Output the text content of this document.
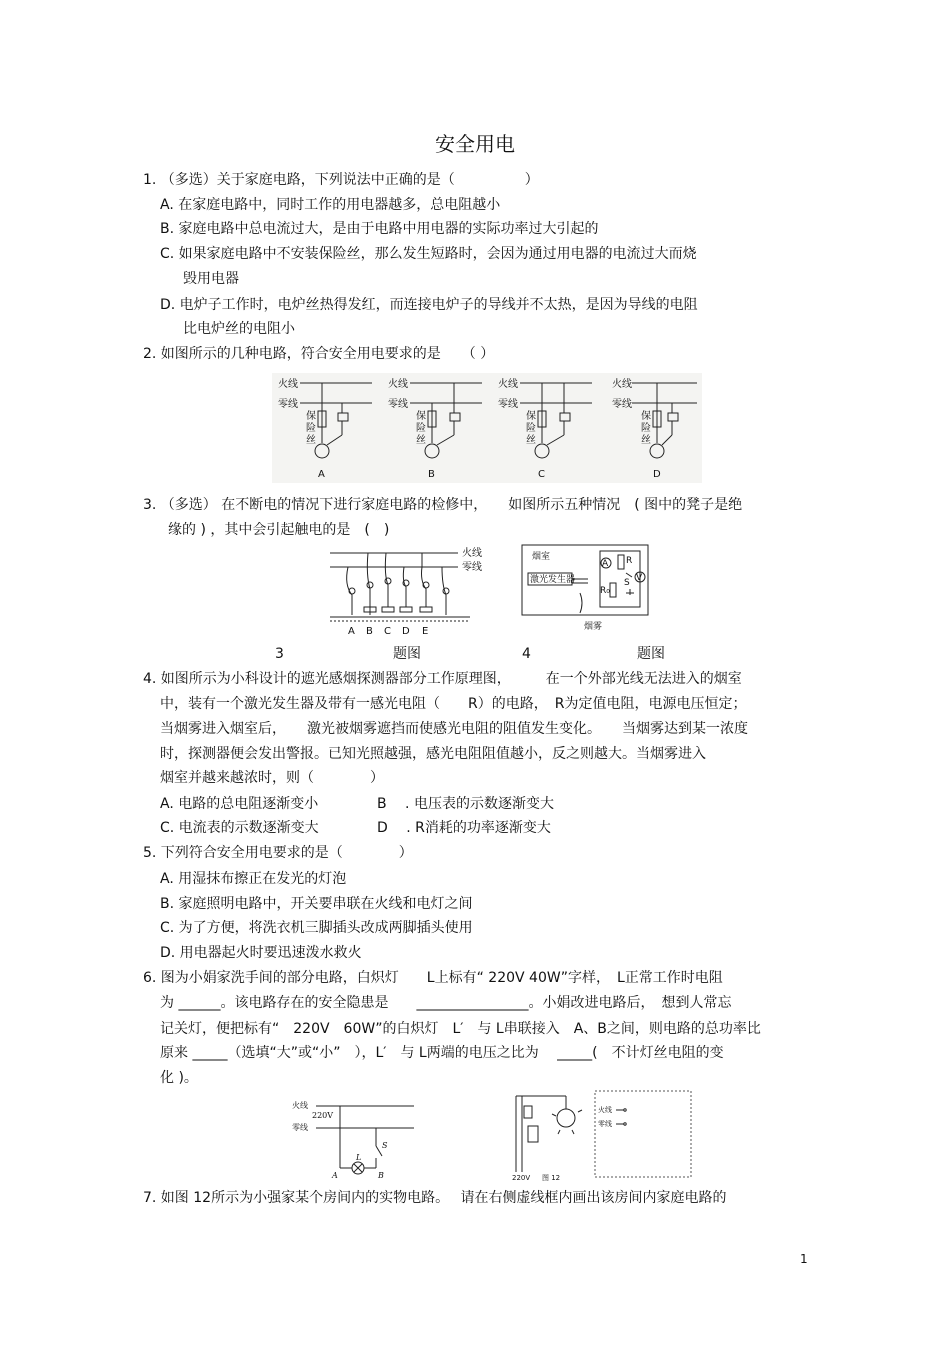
安全用电
1. （多选）关于家庭电路，下列说法中正确的是（　　　　　）
A. 在家庭电路中，同时工作的用电器越多，总电阻越小
B. 家庭电路中总电流过大，是由于电路中用电器的实际功率过大引起的
C. 如果家庭电路中不安装保险丝，那么发生短路时，会因为通过用电器的电流过大而烧
毁用电器
D. 电炉子工作时，电炉丝热得发红，而连接电炉子的导线并不太热，是因为导线的电阻
比电炉丝的电阻小
2. 如图所示的几种电路，符合安全用电要求的是　　（ ）
火线
零线
火线
零线
火线
零线
火线
零线
保
险
丝
保
险
丝
保
险
丝
保
险
丝
A	B	C	D
3. （多选） 在不断电的情况下进行家庭电路的检修中，　　如图所示五种情况　( 图中的凳子是绝
缘的 ) ，其中会引起触电的是　(　)
火线
零线
A B C D E
烟室
激光发生器
A
V
R
R₀
S
烟雾
3	题图	4	题图
4. 如图所示为小科设计的遮光感烟探测器部分工作原理图，　　　在一个外部光线无法进入的烟室
中，装有一个激光发生器及带有一感光电阻（　　R）的电路，　R为定值电阻，电源电压恒定；
当烟雾进入烟室后，　　激光被烟雾遮挡而使感光电阻的阻值发生变化。　　当烟雾达到某一浓度
时，探测器便会发出警报。已知光照越强，感光电阻阻值越小，反之则越大。当烟雾进入
烟室并越来越浓时，则（　　　　）
A. 电路的总电阻逐渐变小	B　 . 电压表的示数逐渐变大
C. 电流表的示数逐渐变大	D　 . R消耗的功率逐渐变大
5. 下列符合安全用电要求的是（　　　　）
A. 用湿抹布擦正在发光的灯泡
B. 家庭照明电路中，开关要串联在火线和电灯之间
C. 为了方便，将洗衣机三脚插头改成两脚插头使用
D. 用电器起火时要迅速泼水救火
6. 图为小娟家洗手间的部分电路，白炽灯　　L上标有“ 220V 40W”字样，　L正常工作时电阻
为 ______。该电路存在的安全隐患是　　________________。小娟改进电路后，　想到人常忘
记关灯，便把标有“　220V　60W”的白炽灯　L′　与 L串联接入　A、B之间，则电路的总功率比
原来 _____（选填“大”或“小”　），L′　与 L两端的电压之比为　 _____(　不计灯丝电阻的变
化 )。
火线
220V
零线
A	B
L
S
220V 图 12
火线
零线
7. 如图 12所示为小强家某个房间内的实物电路。　 请在右侧虚线框内画出该房间内家庭电路的
1
